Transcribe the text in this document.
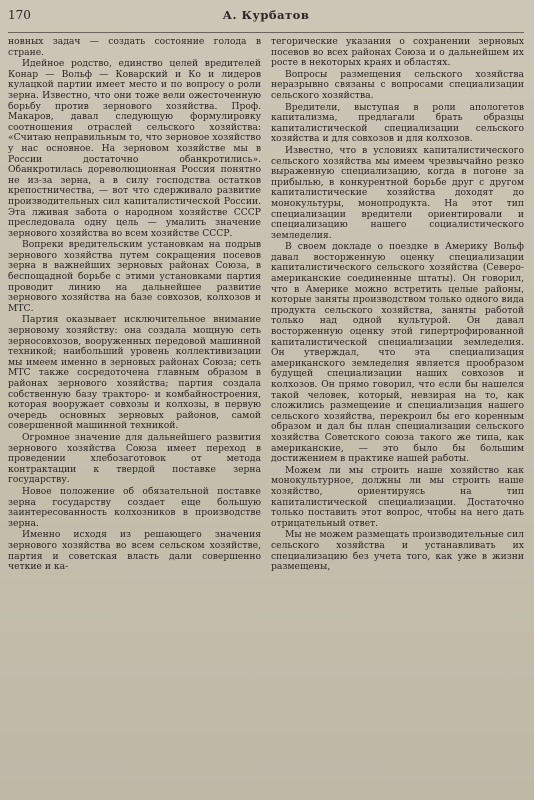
170	А. Курбатов

новных задач — создать состояние голода в стране.

Идейное родство, единство целей вредителей Конар — Вольф — Коварский и Ко и лидеров кулацкой партии имеет место и по вопросу о роли зерна. Известно, что они тоже вели ожесточенную борьбу против зернового хозяйства. Проф. Макаров, давал следующую формулировку соотношения отраслей сельского хозяйства: «Считаю неправильным то, что зерновое хозяйство у нас основное. На зерновом хозяйстве мы в России достаточно обанкротились». Обанкротилась дореволюционная Россия понятно не из-за зерна, а в силу господства остатков крепостничества, — вот что сдерживало развитие производительных сил капиталистической России. Эта лживая забота о народном хозяйстве СССР преследовала одну цель — умалить значение зернового хозяйства во всем хозяйстве СССР.

Вопреки вредительским установкам на подрыв зернового хозяйства путем сокращения посевов зерна в важнейших зерновых районах Союза, в беспощадной борьбе с этими установками партия проводит линию на дальнейшее развитие зернового хозяйства на базе совхозов, колхозов и МТС.

Партия оказывает исключительное внимание зерновому хозяйству: она создала мощную сеть зерносовхозов, вооруженных передовой машинной техникой; наибольший уровень коллективизации мы имеем именно в зерновых районах Союза; сеть МТС также сосредоточена главным образом в районах зернового хозяйства; партия создала собственную базу тракторо- и комбайностроения, которая вооружает совхозы и колхозы, в первую очередь основных зерновых районов, самой совершенной машинной техникой.

Огромное значение для дальнейшего развития зернового хозяйства Союза имеет переход в проведении хлебозаготовок от метода контрактации к твердой поставке зерна государству.

Новое положение об обязательной поставке зерна государству создает еще большую заинтересованность колхозников в производстве зерна.

Именно исходя из решающего значения зернового хозяйства во всем сельском хозяйстве, партия и советская власть дали совершенно четкие и ка-

тегорические указания о сохранении зерновых посевов во всех районах Союза и о дальнейшем их росте в некоторых краях и областях.

Вопросы размещения сельского хозяйства неразрывно связаны с вопросами специализации сельского хозяйства.

Вредители, выступая в роли апологетов капитализма, предлагали брать образцы капиталистической специализации сельского хозяйства и для совхозов и для колхозов.

Известно, что в условиях капиталистического сельского хозяйства мы имеем чрезвычайно резко выраженную специализацию, когда в погоне за прибылью, в конкурентной борьбе друг с другом капиталистические хозяйства доходят до монокультуры, монопродукта. На этот тип специализации вредители ориентировали и специализацию нашего социалистического земледелия.

В своем докладе о поездке в Америку Вольф давал восторженную оценку специализации капиталистического сельского хозяйства (Северо-американские соединенные штаты). Он говорил, что в Америке можно встретить целые районы, которые заняты производством только одного вида продукта сельского хозяйства, заняты работой только над одной культурой. Он давал восторженную оценку этой гипертрофированной капиталистической специализации земледелия. Он утверждал, что эта специализация американского земледелия является прообразом будущей специализации наших совхозов и колхозов. Он прямо говорил, что если бы нашелся такой человек, который, невзирая на то, как сложились размещение и специализация нашего сельского хозяйства, перекроил бы его коренным образом и дал бы план специализации сельского хозяйства Советского союза такого же типа, как американские, — это было бы большим достижением в практике нашей работы.

Можем ли мы строить наше хозяйство как монокультурное, должны ли мы строить наше хозяйство, ориентируясь на тип капиталистической специализации. Достаточно только поставить этот вопрос, чтобы на него дать отрицательный ответ.

Мы не можем размещать производительные сил сельского хозяйства и устанавливать их специализацию без учета того, как уже в жизни размещены,
